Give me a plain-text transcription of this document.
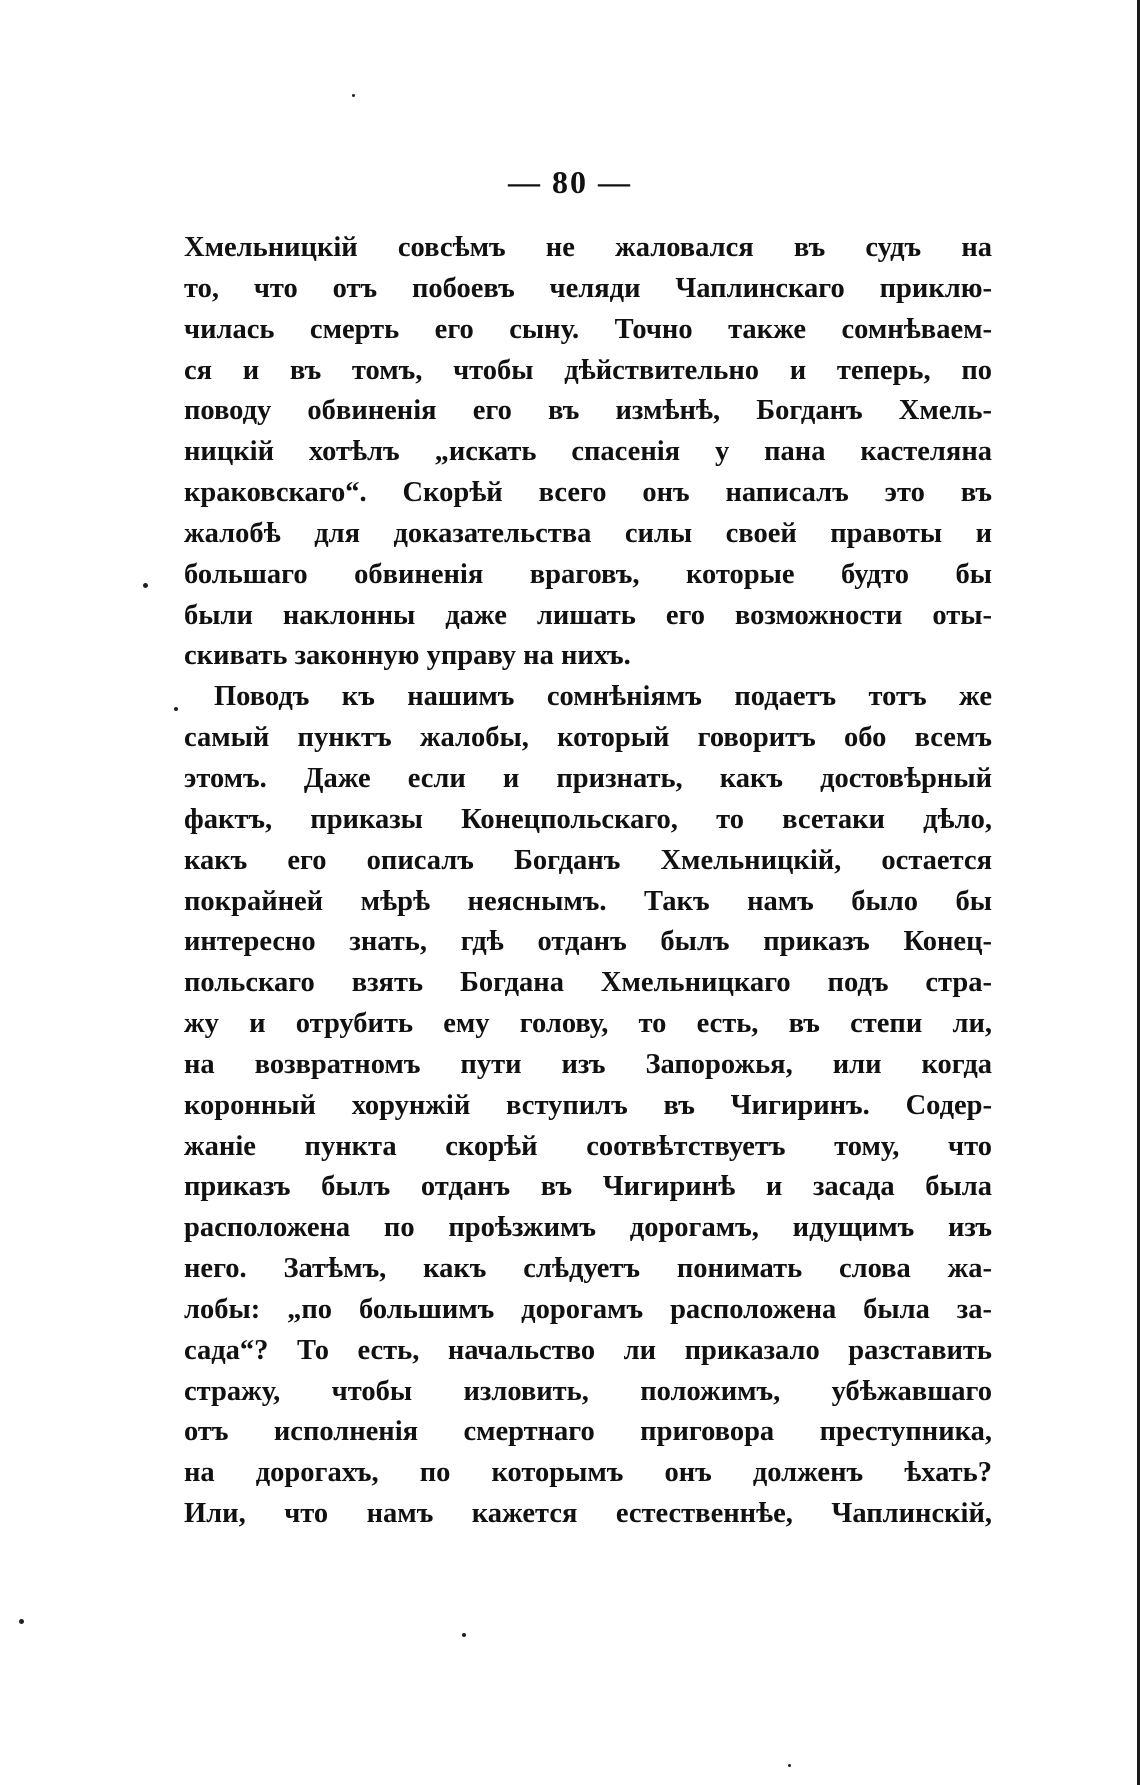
— 80 —
Хмельницкій совсѣмъ не жаловался въ судъ на
то, что отъ побоевъ челяди Чаплинскаго приклю-
чилась смерть его сыну. Точно также сомнѣваем-
ся и въ томъ, чтобы дѣйствительно и теперь, по
поводу обвиненія его въ измѣнѣ, Богданъ Хмель-
ницкій хотѣлъ „искать спасенія у пана кастеляна
краковскаго“. Скорѣй всего онъ написалъ это въ
жалобѣ для доказательства силы своей правоты и
большаго обвиненія враговъ, которые будто бы
были наклонны даже лишать его возможности оты-
скивать законную управу на нихъ.
Поводъ къ нашимъ сомнѣніямъ подаетъ тотъ же
самый пунктъ жалобы, который говоритъ обо всемъ
этомъ. Даже если и признать, какъ достовѣрный
фактъ, приказы Конецпольскаго, то всетаки дѣло,
какъ его описалъ Богданъ Хмельницкій, остается
покрайней мѣрѣ неяснымъ. Такъ намъ было бы
интересно знать, гдѣ отданъ былъ приказъ Конец-
польскаго взять Богдана Хмельницкаго подъ стра-
жу и отрубить ему голову, то есть, въ степи ли,
на возвратномъ пути изъ Запорожья, или когда
коронный хорунжій вступилъ въ Чигиринъ. Содер-
жаніе пункта скорѣй соотвѣтствуетъ тому, что
приказъ былъ отданъ въ Чигиринѣ и засада была
расположена по проѣзжимъ дорогамъ, идущимъ изъ
него. Затѣмъ, какъ слѣдуетъ понимать слова жа-
лобы: „по большимъ дорогамъ расположена была за-
сада“? То есть, начальство ли приказало разставить
стражу, чтобы изловить, положимъ, убѣжавшаго
отъ исполненія смертнаго приговора преступника,
на дорогахъ, по которымъ онъ долженъ ѣхать?
Или, что намъ кажется естественнѣе, Чаплинскій,
